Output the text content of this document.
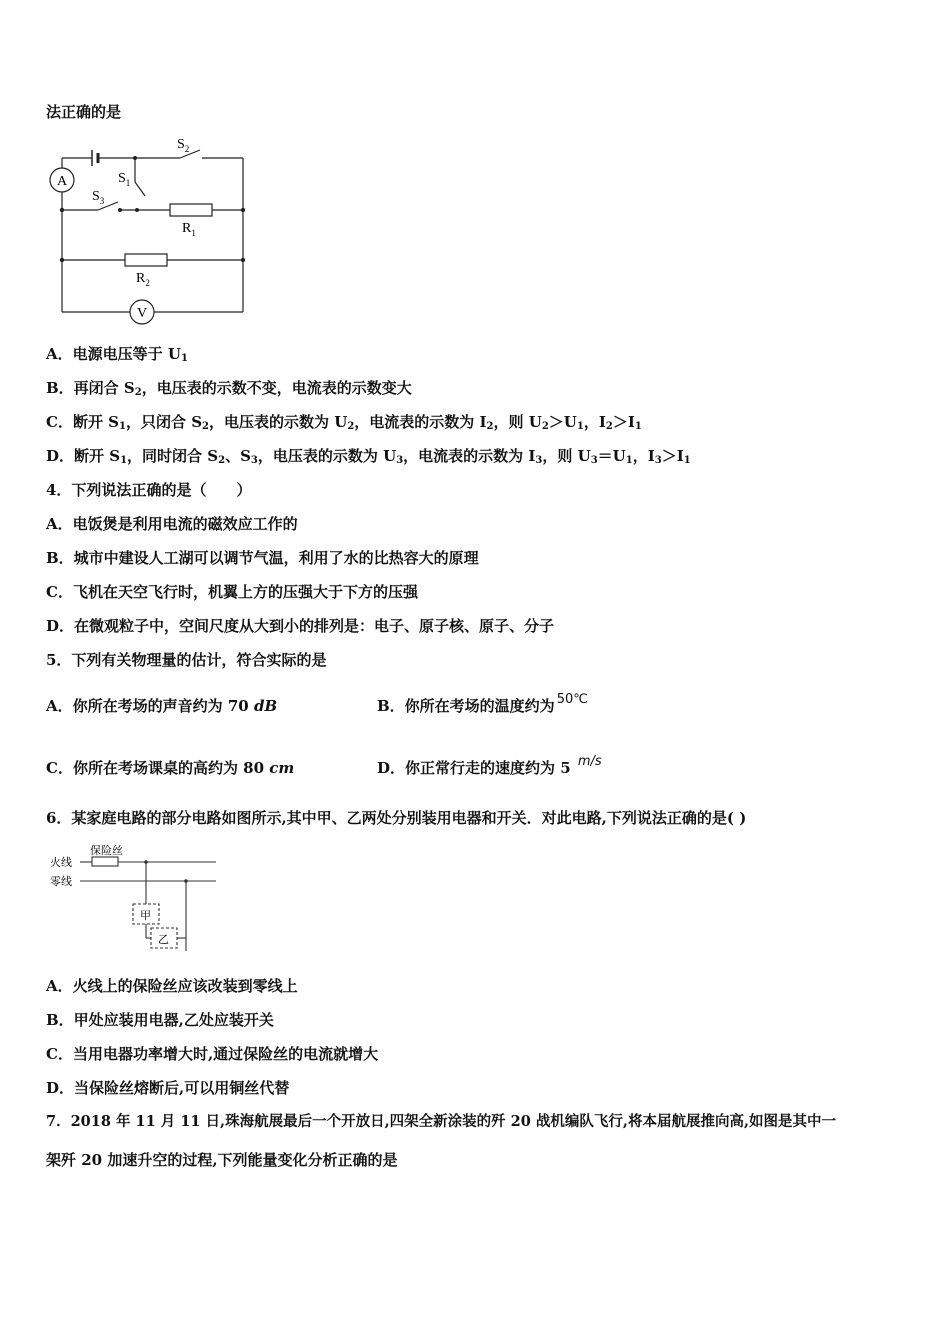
法正确的是
A
V
$S_2$
$S_1$
$S_3$
$R_1$
$R_2$
A．电源电压等于 $U_1$
B．再闭合 $S_2$，电压表的示数不变，电流表的示数变大
C．断开 $S_1$，只闭合 $S_2$，电压表的示数为 $U_2$，电流表的示数为 $I_2$，则 $U_2>U_1$，$I_2>I_1$
D．断开 $S_1$，同时闭合 $S_2$、$S_3$，电压表的示数为 $U_3$，电流表的示数为 $I_3$，则 $U_3=U_1$，$I_3>I_1$
4．下列说法正确的是（　　）
A．电饭煲是利用电流的磁效应工作的
B．城市中建设人工湖可以调节气温，利用了水的比热容大的原理
C．飞机在天空飞行时，机翼上方的压强大于下方的压强
D．在微观粒子中，空间尺度从大到小的排列是：电子、原子核、原子、分子
5．下列有关物理量的估计，符合实际的是
A．你所在考场的声音约为 70 dB	B．你所在考场的温度约为 50℃
C．你所在考场课桌的高约为 80 cm	D．你正常行走的速度约为 5 m/s
6．某家庭电路的部分电路如图所示,其中甲、乙两处分别装用电器和开关．对此电路,下列说法正确的是( )
火线
零线
保险丝
甲
乙
A．火线上的保险丝应该改装到零线上
B．甲处应装用电器,乙处应装开关
C．当用电器功率增大时,通过保险丝的电流就增大
D．当保险丝熔断后,可以用铜丝代替
7．2018 年 11 月 11 日,珠海航展最后一个开放日,四架全新涂装的歼 20 战机编队飞行,将本届航展推向高,如图是其中一
架歼 20 加速升空的过程,下列能量变化分析正确的是
